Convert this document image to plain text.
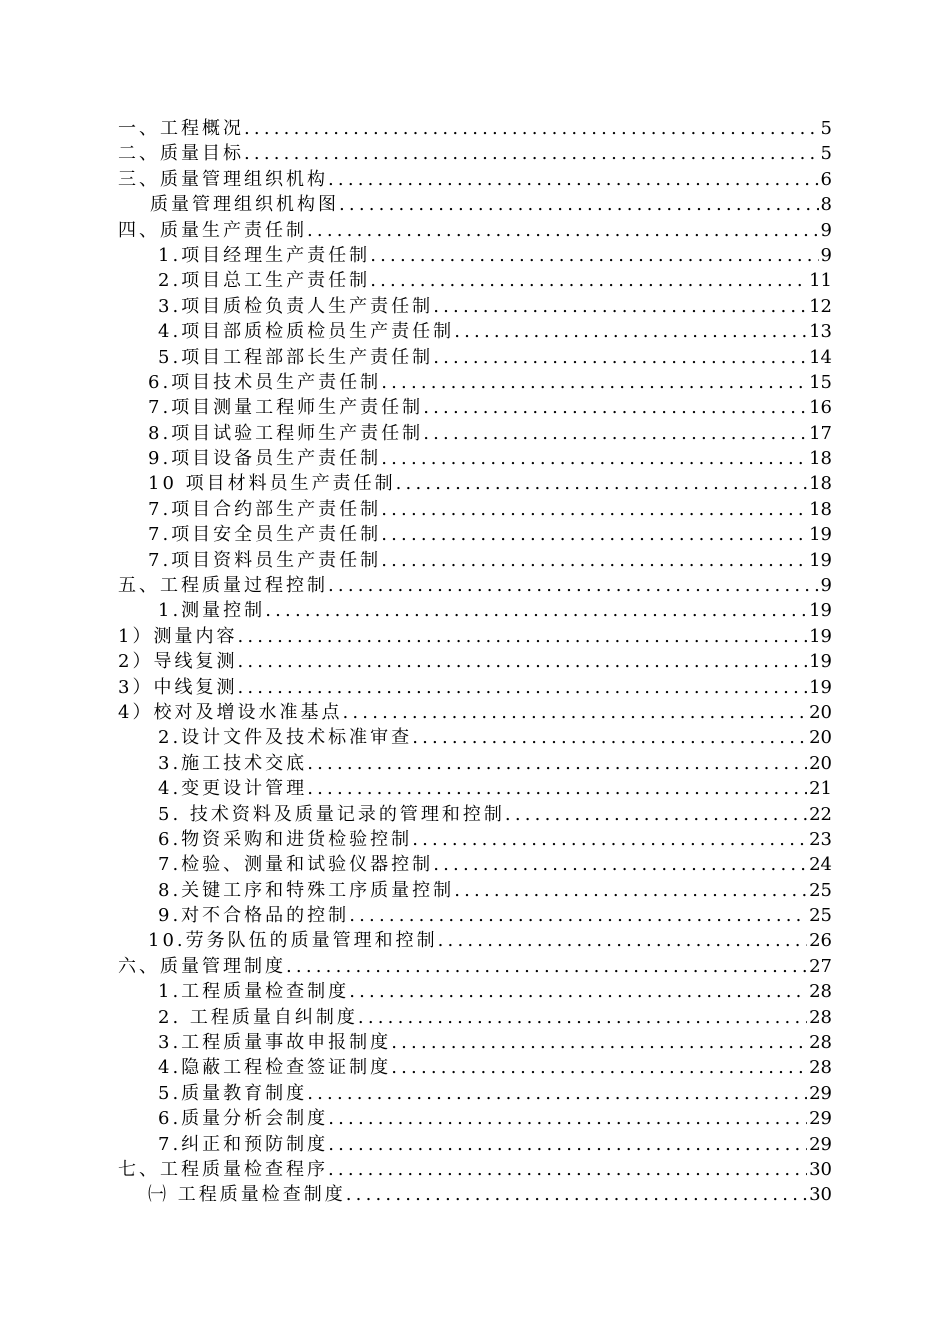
一、工程概况 .....	5
二、质量目标 .....	5
三、质量管理组织机构 .....	6
质量管理组织机构图 .....	8
四、质量生产责任制 .....	9
1.项目经理生产责任制 .....	9
2.项目总工生产责任制 .....	11
3.项目质检负责人生产责任制 .....	12
4.项目部质检质检员生产责任制 .....	13
5.项目工程部部长生产责任制 .....	14
6.项目技术员生产责任制 .....	15
7.项目测量工程师生产责任制 .....	16
8.项目试验工程师生产责任制 .....	17
9.项目设备员生产责任制 .....	18
10 项目材料员生产责任制 .....	18
7.项目合约部生产责任制 .....	18
7.项目安全员生产责任制 .....	19
7.项目资料员生产责任制 .....	19
五、工程质量过程控制 .....	9
1.测量控制 .....	19
1）测量内容 .....	19
2）导线复测 .....	19
3）中线复测 .....	19
4）校对及增设水准基点 .....	20
2.设计文件及技术标准审查 .....	20
3.施工技术交底 .....	20
4.变更设计管理 .....	21
5. 技术资料及质量记录的管理和控制 .....	22
6.物资采购和进货检验控制 .....	23
7.检验、测量和试验仪器控制 .....	24
8.关键工序和特殊工序质量控制 .....	25
9.对不合格品的控制 .....	25
10.劳务队伍的质量管理和控制 .....	26
六、质量管理制度 .....	27
1.工程质量检查制度 .....	28
2. 工程质量自纠制度 .....	28
3.工程质量事故申报制度 .....	28
4.隐蔽工程检查签证制度 .....	28
5.质量教育制度 .....	29
6.质量分析会制度 .....	29
7.纠正和预防制度 .....	29
七、工程质量检查程序 .....	30
㈠ 工程质量检查制度 .....	30
